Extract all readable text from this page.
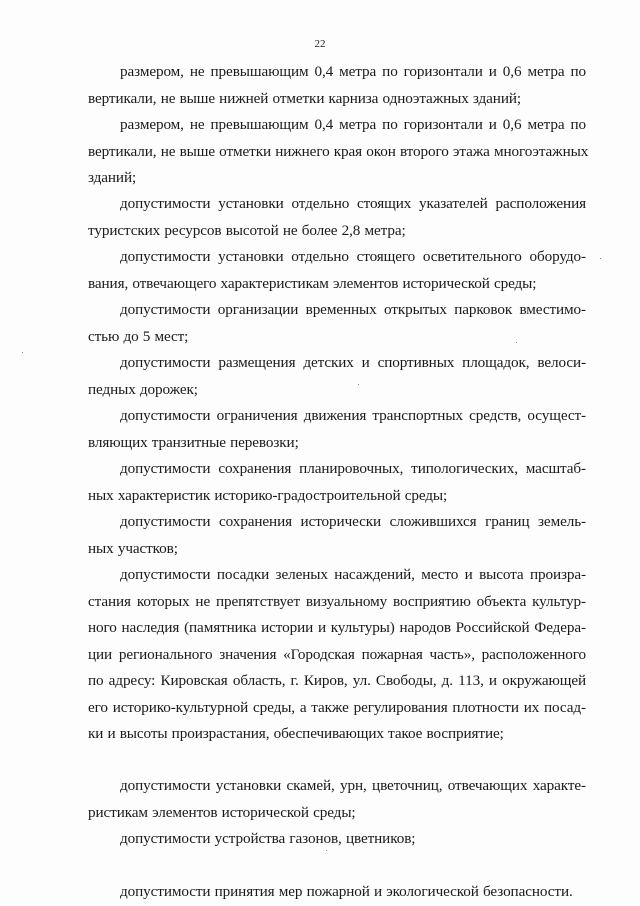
22
размером, не превышающим 0,4 метра по горизонтали и 0,6 метра по
вертикали, не выше нижней отметки карниза одноэтажных зданий;
размером, не превышающим 0,4 метра по горизонтали и 0,6 метра по
вертикали, не выше отметки нижнего края окон второго этажа многоэтажных
зданий;
допустимости установки отдельно стоящих указателей расположения
туристских ресурсов высотой не более 2,8 метра;
допустимости установки отдельно стоящего осветительного оборудо-
вания, отвечающего характеристикам элементов исторической среды;
допустимости организации временных открытых парковок вместимо-
стью до 5 мест;
допустимости размещения детских и спортивных площадок, велоси-
педных дорожек;
допустимости ограничения движения транспортных средств, осущест-
вляющих транзитные перевозки;
допустимости сохранения планировочных, типологических, масштаб-
ных характеристик историко-градостроительной среды;
допустимости сохранения исторически сложившихся границ земель-
ных участков;
допустимости посадки зеленых насаждений, место и высота произра-
стания которых не препятствует визуальному восприятию объекта культур-
ного наследия (памятника истории и культуры) народов Российской Федера-
ции регионального значения «Городская пожарная часть», расположенного
по адресу: Кировская область, г. Киров, ул. Свободы, д. 113, и окружающей
его историко-культурной среды, а также регулирования плотности их посад-
ки и высоты произрастания, обеспечивающих такое восприятие;
допустимости установки скамей, урн, цветочниц, отвечающих характе-
ристикам элементов исторической среды;
допустимости устройства газонов, цветников;
допустимости принятия мер пожарной и экологической безопасности.
